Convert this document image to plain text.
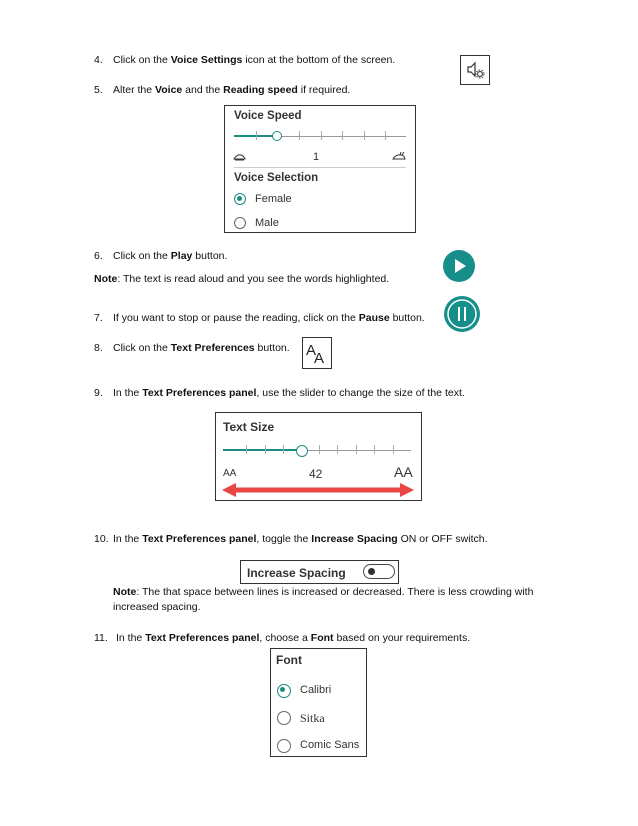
4. Click on the Voice Settings icon at the bottom of the screen.
5. Alter the Voice and the Reading speed if required.
Voice Speed
1
Voice Selection
Female
Male
6. Click on the Play button.
Note: The text is read aloud and you see the words highlighted.
7. If you want to stop or pause the reading, click on the Pause button.
8. Click on the Text Preferences button. A
A
9. In the Text Preferences panel, use the slider to change the size of the text.
Text Size
AA	42	AA
10. In the Text Preferences panel, toggle the Increase Spacing ON or OFF switch.
Increase Spacing
Note: The that space between lines is increased or decreased. There is less crowding with increased spacing.
11. In the Text Preferences panel, choose a Font based on your requirements.
Font
Calibri
Sitka
Comic Sans
